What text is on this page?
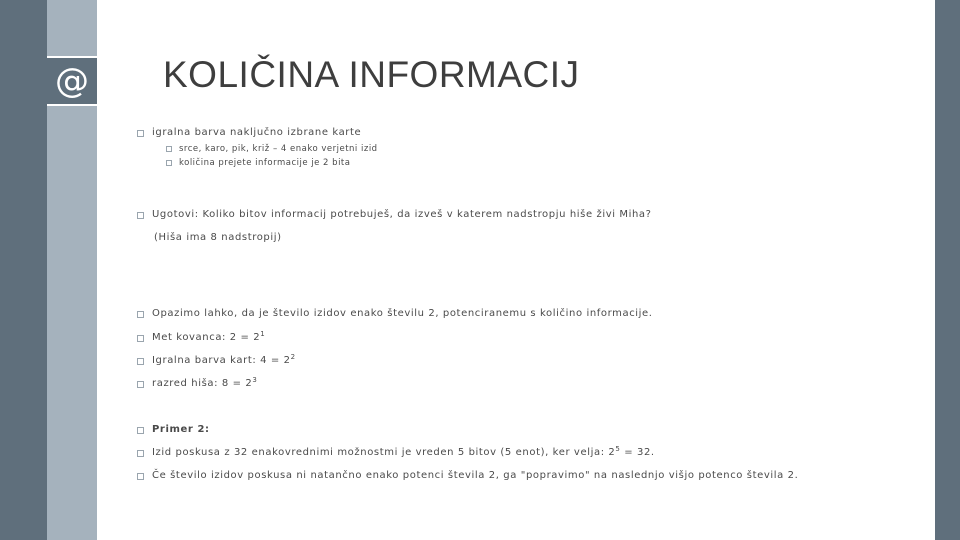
@ KOLIČINA INFORMACIJ
igralna barva naključno izbrane karte
srce, karo, pik, križ – 4 enako verjetni izid
količina prejete informacije je 2 bita
Ugotovi: Koliko bitov informacij potrebuješ, da izveš v katerem nadstropju hiše živi Miha?
(Hiša ima 8 nadstropij)
Opazimo lahko, da je število izidov enako številu 2, potenciranemu s količino informacije.
Met kovanca: $2 = 2^1$
Igralna barva kart: $4 = 2^2$
razred hiša: $8 = 2^3$
Primer 2:
Izid poskusa z 32 enakovrednimi možnostmi je vreden 5 bitov (5 enot), ker velja: $2^5 = 32$.
Če število izidov poskusa ni natančno enako potenci števila 2, ga "popravimo" na naslednjo višjo potenco števila 2.
